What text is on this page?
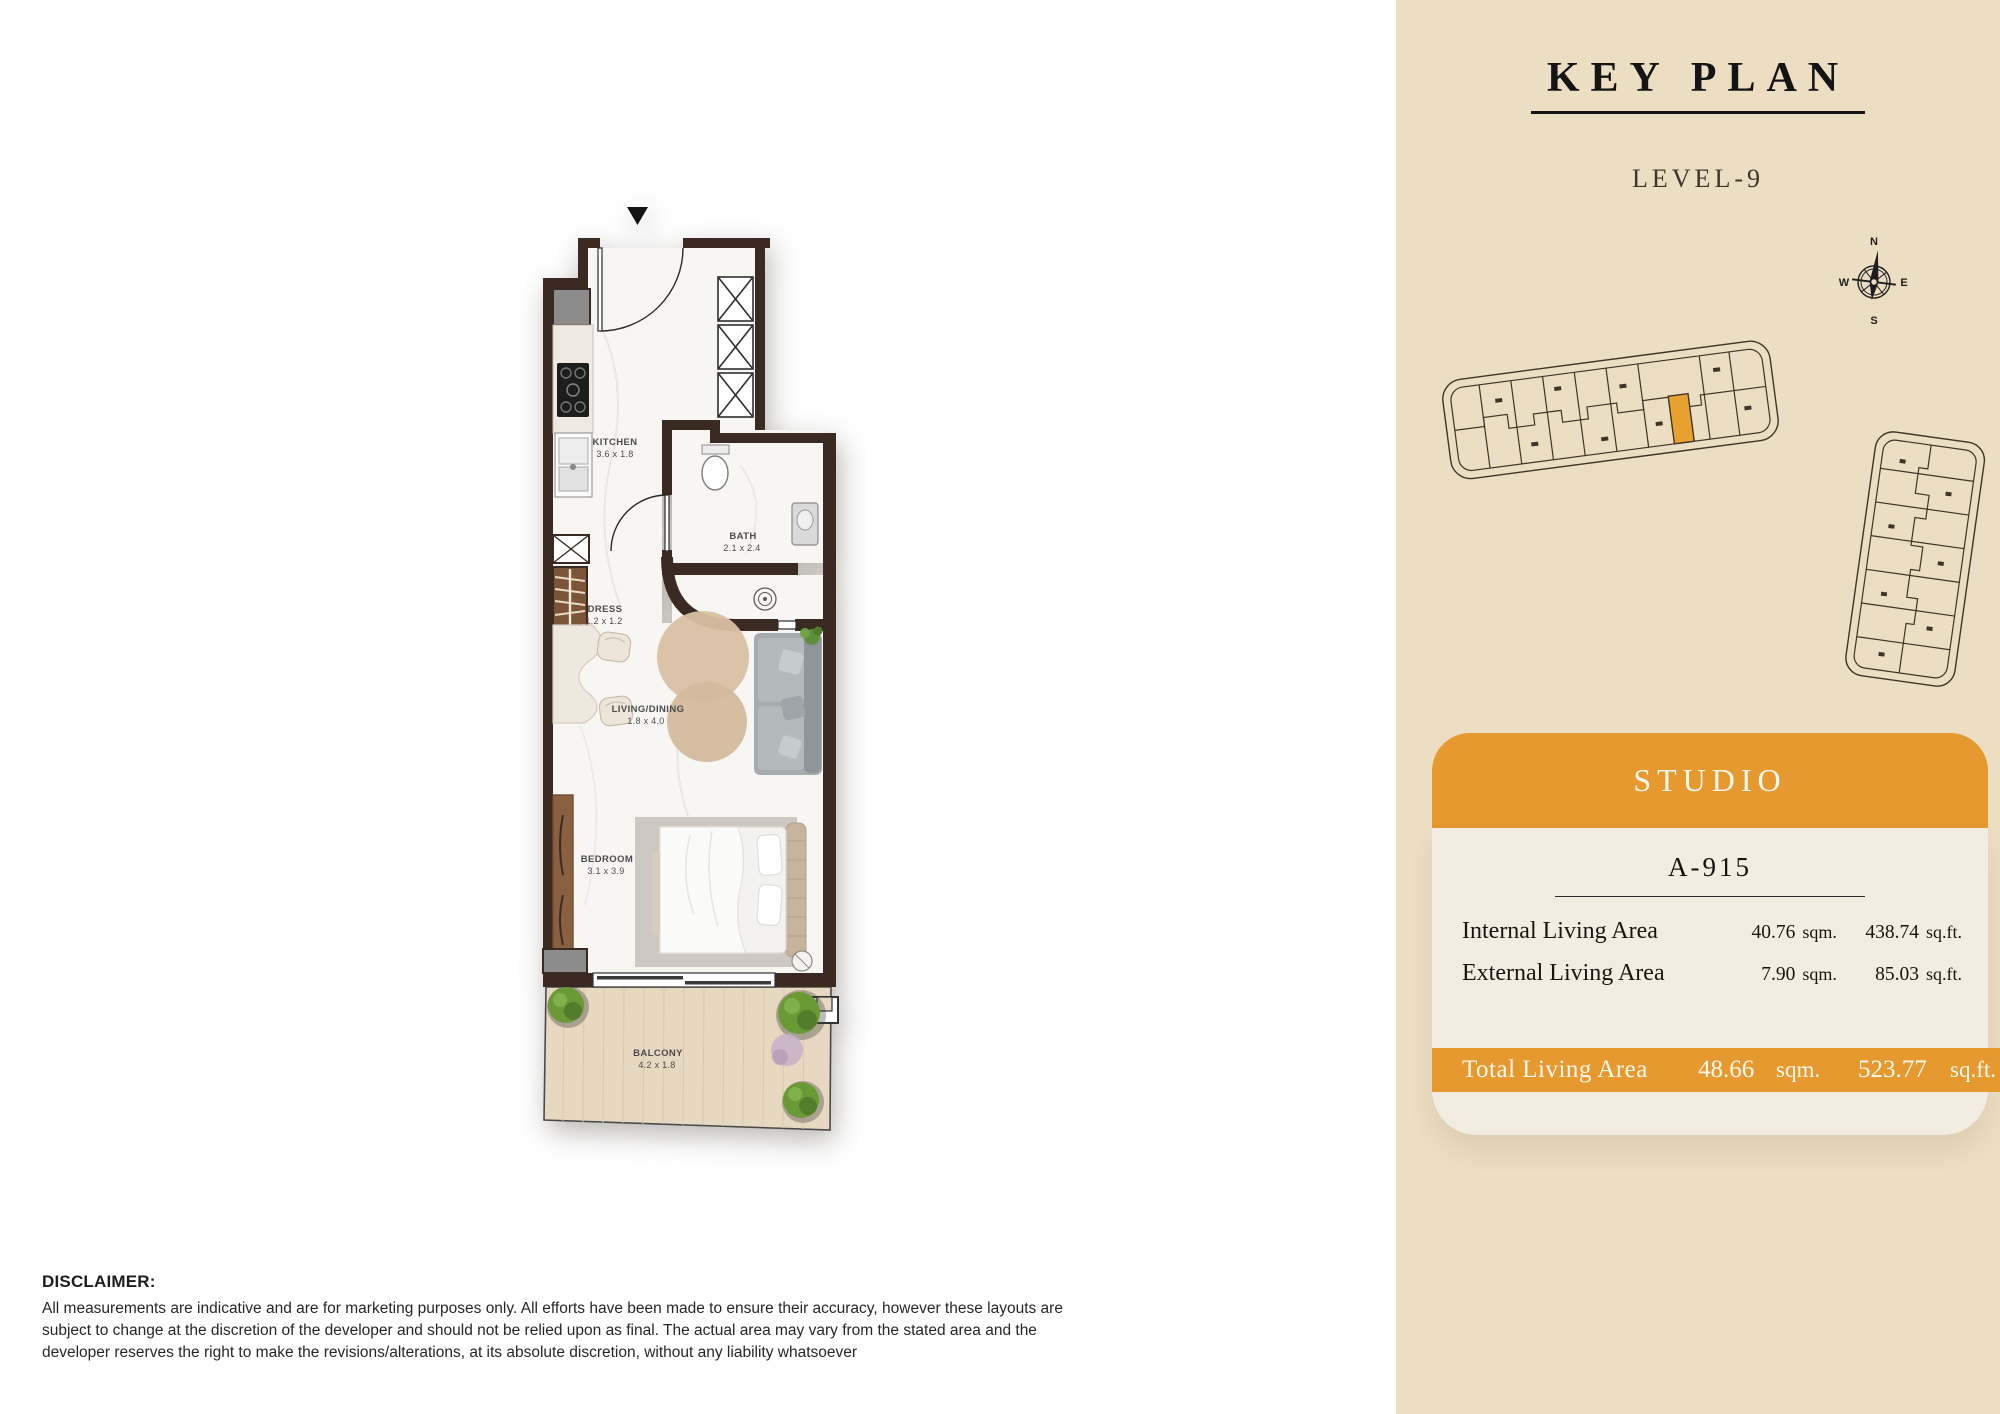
KITCHEN
3.6 x 1.8
BATH
2.1 x 2.4
DRESS
1.2 x 1.2
LIVING/DINING
1.8 x 4.0
BEDROOM
3.1 x 3.9
BALCONY
4.2 x 1.8
KEY PLAN
LEVEL-9
N
S
W	E
STUDIO
A-915
Internal Living Area	40.76 sqm.	438.74 sq.ft.
External Living Area	7.90 sqm.	85.03 sq.ft.
Total Living Area	48.66 sqm.	523.77	sq.ft.
DISCLAIMER:

All measurements are indicative and are for marketing purposes only. All efforts have been made to ensure their accuracy, however these layouts are subject to change at the discretion of the developer and should not be relied upon as final. The actual area may vary from the stated area and the developer reserves the right to make the revisions/alterations, at its absolute discretion, without any liability whatsoever
